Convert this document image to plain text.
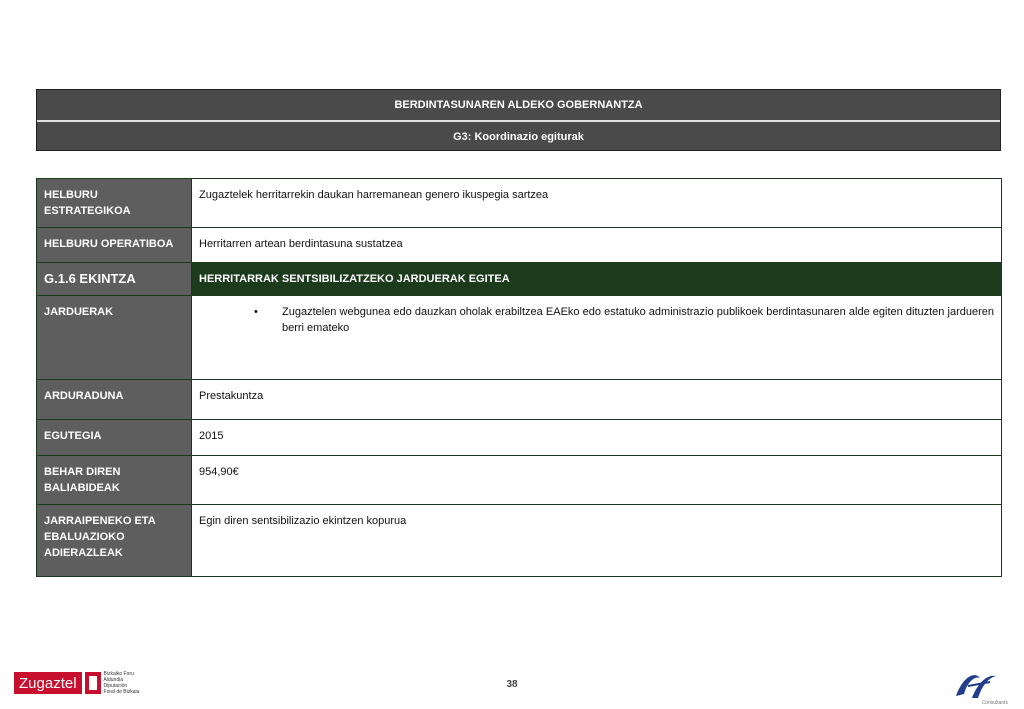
BERDINTASUNAREN ALDEKO GOBERNANTZA
G3: Koordinazio egiturak
HELBURU ESTRATEGIKOA	Zugaztelek herritarrekin daukan harremanean genero ikuspegia sartzea
HELBURU OPERATIBOA	Herritarren artean berdintasuna sustatzea
G.1.6 EKINTZA	HERRITARRAK SENTSIBILIZATZEKO JARDUERAK EGITEA
JARDUERAK	• Zugaztelen webgunea edo dauzkan oholak erabiltzea EAEko edo estatuko administrazio publikoek berdintasunaren alde egiten dituzten jardueren berri emateko

ARDURADUNA	Prestakuntza
EGUTEGIA	2015
BEHAR DIREN BALIABIDEAK	954,90€
JARRAIPENEKO ETA EBALUAZIOKO ADIERAZLEAK	Egin diren sentsibilizazio ekintzen kopurua
Zugaztel
Bizkaiko Foru
Aldundia
Diputación
Foral de Bizkaia
38
Consultants
